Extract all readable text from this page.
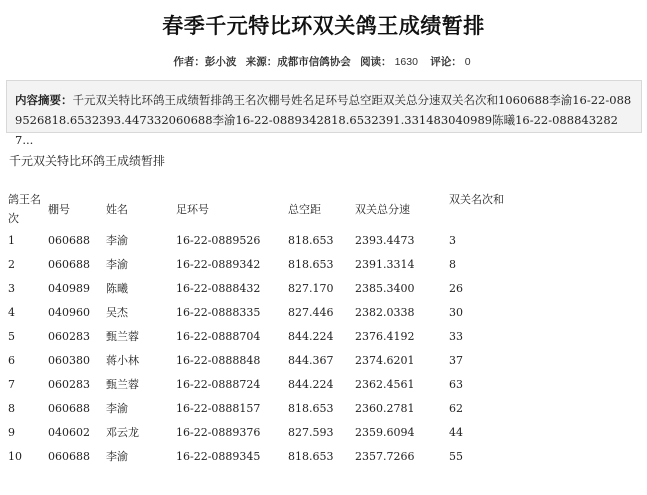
春季千元特比环双关鸽王成绩暂排
作者：彭小波 来源：成都市信鸽协会 阅读： 1630 评论： 0
内容摘要：千元双关特比环鸽王成绩暂排鸽王名次棚号姓名足环号总空距双关总分速双关名次和1060688李渝16-22-0889526818.6532393.447332060688李渝16-22-0889342818.6532391.331483040989陈曦16-22-0888432827...
千元双关特比环鸽王成绩暂排
鸽王名次	棚号	姓名	足环号	总空距	双关总分速	双关名次和
1	060688	李渝	16-22-0889526	818.653	2393.4473	3
2	060688	李渝	16-22-0889342	818.653	2391.3314	8
3	040989	陈曦	16-22-0888432	827.170	2385.3400	26
4	040960	吴杰	16-22-0888335	827.446	2382.0338	30
5	060283	甄兰蓉	16-22-0888704	844.224	2376.4192	33
6	060380	蒋小林	16-22-0888848	844.367	2374.6201	37
7	060283	甄兰蓉	16-22-0888724	844.224	2362.4561	63
8	060688	李渝	16-22-0888157	818.653	2360.2781	62
9	040602	邓云龙	16-22-0889376	827.593	2359.6094	44
10	060688	李渝	16-22-0889345	818.653	2357.7266	55
